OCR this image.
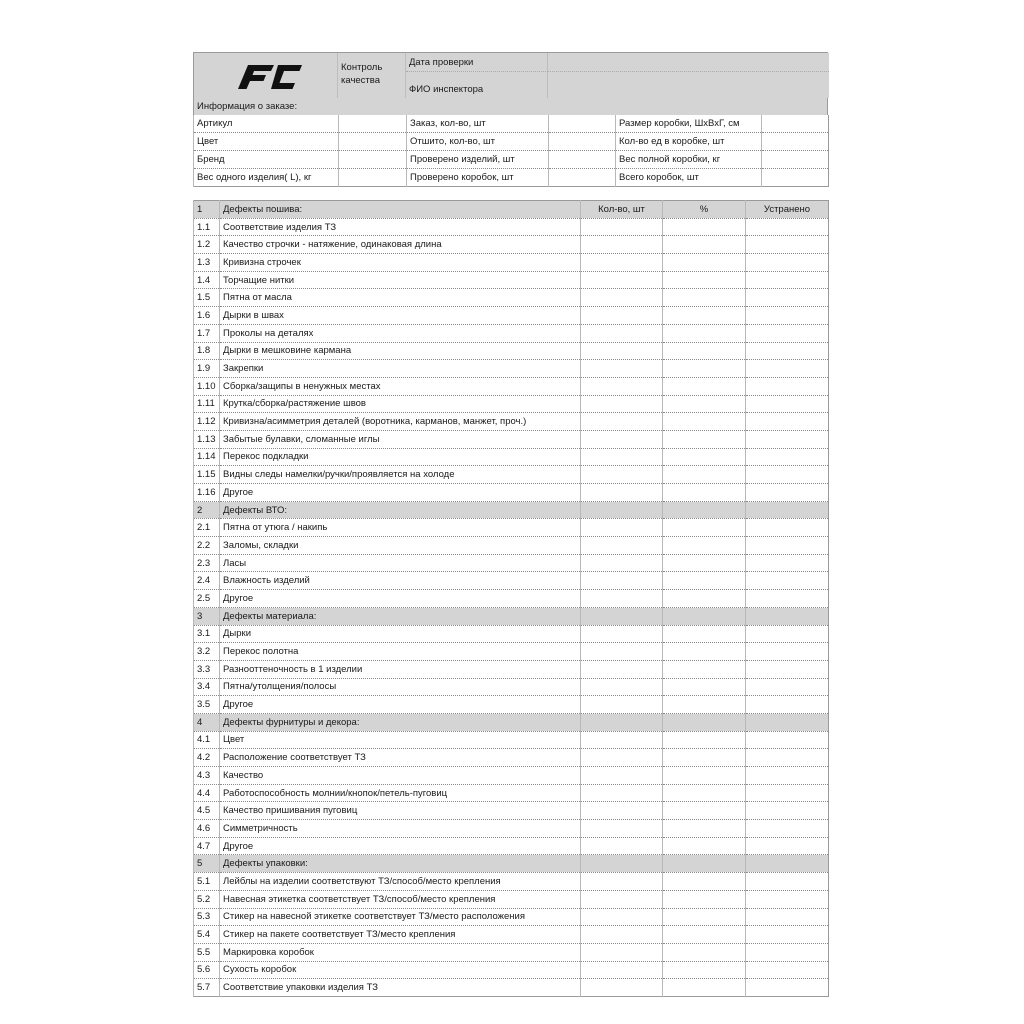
Контроль качества
Дата проверки
ФИО инспектора
Информация о заказе:
Артикул		Заказ, кол-во, шт		Размер коробки, ШхВхГ, см	
Цвет		Отшито, кол-во, шт		Кол-во ед в коробке, шт	
Бренд		Проверено изделий, шт		Вес полной коробки, кг	
Вес одного изделия( L), кг		Проверено коробок, шт		Всего коробок, шт	
1	Дефекты пошива:	Кол-во, шт	%	Устранено
1.1	Соответствие изделия ТЗ			
1.2	Качество строчки - натяжение, одинаковая длина			
1.3	Кривизна строчек			
1.4	Торчащие нитки			
1.5	Пятна от масла			
1.6	Дырки в швах			
1.7	Проколы на деталях			
1.8	Дырки в мешковине кармана			
1.9	Закрепки			
1.10	Сборка/защипы в ненужных местах			
1.11	Крутка/сборка/растяжение швов			
1.12	Кривизна/асимметрия деталей (воротника, карманов, манжет, проч.)			
1.13	Забытые булавки, сломанные иглы			
1.14	Перекос подкладки			
1.15	Видны следы намелки/ручки/проявляется на холоде			
1.16	Другое			
2	Дефекты ВТО:			
2.1	Пятна от утюга / накипь			
2.2	Заломы, складки			
2.3	Ласы			
2.4	Влажность изделий			
2.5	Другое			
3	Дефекты материала:			
3.1	Дырки			
3.2	Перекос полотна			
3.3	Разнооттеночность в 1 изделии			
3.4	Пятна/утолщения/полосы			
3.5	Другое			
4	Дефекты фурнитуры и декора:			
4.1	Цвет			
4.2	Расположение соответствует ТЗ			
4.3	Качество			
4.4	Работоспособность молнии/кнопок/петель-пуговиц			
4.5	Качество пришивания пуговиц			
4.6	Симметричность			
4.7	Другое			
5	Дефекты упаковки:			
5.1	Лейблы на изделии соответствуют ТЗ/способ/место крепления			
5.2	Навесная этикетка соответствует ТЗ/способ/место крепления			
5.3	Стикер на навесной этикетке соответствует ТЗ/место расположения			
5.4	Стикер на пакете соответствует ТЗ/место крепления			
5.5	Маркировка коробок			
5.6	Сухость коробок			
5.7	Соответствие упаковки изделия ТЗ			
